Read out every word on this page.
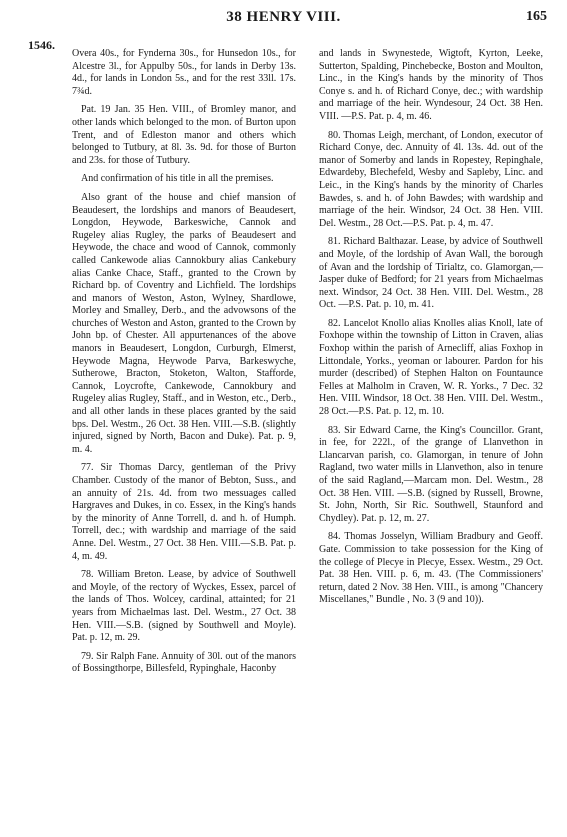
38 HENRY VIII.	165
1546.

Overa 40s., for Fynderna 30s., for Hunsedon 10s., for Alcestre 3l., for Appulby 50s., for lands in Derby 13s. 4d., for lands in London 5s., and for the rest 33ll. 17s. 7¾d.

Pat. 19 Jan. 35 Hen. VIII., of Bromley manor, and other lands which belonged to the mon. of Burton upon Trent, and of Edleston manor and others which belonged to Tutbury, at 8l. 3s. 9d. for those of Burton and 23s. for those of Tutbury.

And confirmation of his title in all the premises.

Also grant of the house and chief mansion of Beaudesert, the lordships and manors of Beaudesert, Longdon, Heywode, Barkeswiche, Cannok and Rugeley alias Rugley, the parks of Beaudesert and Heywode, the chace and wood of Cannok, commonly called Cankewode alias Cannokbury alias Cankebury alias Canke Chace, Staff., granted to the Crown by Richard bp. of Coventry and Lichfield. The lordships and manors of Weston, Aston, Wylney, Shardlowe, Morley and Smalley, Derb., and the advowsons of the churches of Weston and Aston, granted to the Crown by John bp. of Chester. All appurtenances of the above manors in Beaudesert, Longdon, Curburgh, Elmerst, Heywode Magna, Heywode Parva, Barkeswyche, Sutherowe, Bracton, Stoketon, Walton, Stafforde, Cannok, Loycrofte, Cankewode, Cannokbury and Rugeley alias Rugley, Staff., and in Weston, etc., Derb., and all other lands in these places granted by the said bps. Del. Westm., 26 Oct. 38 Hen. VIII.—S.B. (slightly injured, signed by North, Bacon and Duke). Pat. p. 9, m. 4.

77. Sir Thomas Darcy, gentleman of the Privy Chamber. Custody of the manor of Bebton, Suss., and an annuity of 21s. 4d. from two messuages called Hargraves and Dukes, in co. Essex, in the King's hands by the minority of Anne Torrell, d. and h. of Humph. Torrell, dec.; with wardship and marriage of the said Anne. Del. Westm., 27 Oct. 38 Hen. VIII.—S.B. Pat. p. 4, m. 49.

78. William Breton. Lease, by advice of Southwell and Moyle, of the rectory of Wyckes, Essex, parcel of the lands of Thos. Wolcey, cardinal, attainted; for 21 years from Michaelmas last. Del. Westm., 27 Oct. 38 Hen. VIII.—S.B. (signed by Southwell and Moyle). Pat. p. 12, m. 29.

79. Sir Ralph Fane. Annuity of 30l. out of the manors of Bossingthorpe, Billesfeld, Rypinghale, Haconby

and lands in Swynestede, Wigtoft, Kyrton, Leeke, Sutterton, Spalding, Pinchebecke, Boston and Moulton, Linc., in the King's hands by the minority of Thos Conye s. and h. of Richard Conye, dec.; with wardship and marriage of the heir. Wyndesour, 24 Oct. 38 Hen. VIII. —P.S. Pat. p. 4, m. 46.

80. Thomas Leigh, merchant, of London, executor of Richard Conye, dec. Annuity of 4l. 13s. 4d. out of the manor of Somerby and lands in Ropestey, Repinghale, Edwardeby, Blechefeld, Wesby and Sapleby, Linc. and Leic., in the King's hands by the minority of Charles Bawdes, s. and h. of John Bawdes; with wardship and marriage of the heir. Windsor, 24 Oct. 38 Hen. VIII. Del. Westm., 28 Oct.—P.S. Pat. p. 4, m. 47.

81. Richard Balthazar. Lease, by advice of Southwell and Moyle, of the lordship of Avan Wall, the borough of Avan and the lordship of Tirialtz, co. Glamorgan,—Jasper duke of Bedford; for 21 years from Michaelmas next. Windsor, 24 Oct. 38 Hen. VIII. Del. Westm., 28 Oct. —P.S. Pat. p. 10, m. 41.

82. Lancelot Knollo alias Knolles alias Knoll, late of Foxhope within the township of Litton in Craven, alias Foxhop within the parish of Arnecliff, alias Foxhop in Littondale, Yorks., yeoman or labourer. Pardon for his murder (described) of Stephen Halton on Fountaunce Felles at Malholm in Craven, W. R. Yorks., 7 Dec. 32 Hen. VIII. Windsor, 18 Oct. 38 Hen. VIII. Del. Westm., 28 Oct.—P.S. Pat. p. 12, m. 10.

83. Sir Edward Carne, the King's Councillor. Grant, in fee, for 222l., of the grange of Llanvethon in Llancarvan parish, co. Glamorgan, in tenure of John Ragland, two water mills in Llanvethon, also in tenure of the said Ragland,—Marcam mon. Del. Westm., 28 Oct. 38 Hen. VIII. —S.B. (signed by Russell, Browne, St. John, North, Sir Ric. Southwell, Staunford and Chydley). Pat. p. 12, m. 27.

84. Thomas Josselyn, William Bradbury and Geoff. Gate. Commission to take possession for the King of the college of Plecye in Plecye, Essex. Westm., 29 Oct. Pat. 38 Hen. VIII. p. 6, m. 43. (The Commissioners' return, dated 2 Nov. 38 Hen. VIII., is among "Chancery Miscellanes," Bundle , No. 3 (9 and 10)).
